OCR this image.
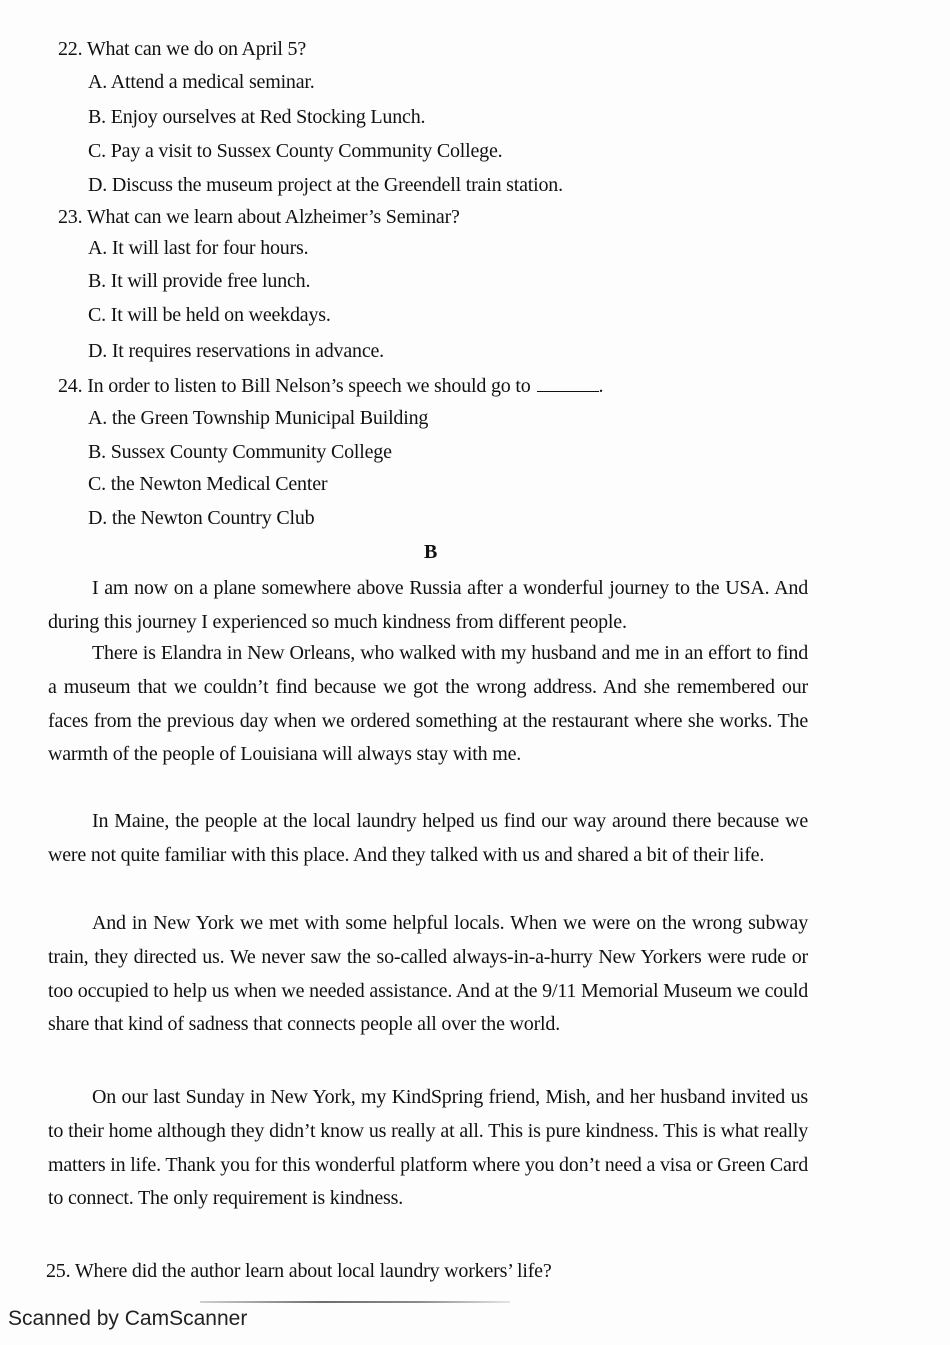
22. What can we do on April 5?
A. Attend a medical seminar.
B. Enjoy ourselves at Red Stocking Lunch.
C. Pay a visit to Sussex County Community College.
D. Discuss the museum project at the Greendell train station.
23. What can we learn about Alzheimer’s Seminar?
A. It will last for four hours.
B. It will provide free lunch.
C. It will be held on weekdays.
D. It requires reservations in advance.
24. In order to listen to Bill Nelson’s speech we should go to	.
A. the Green Township Municipal Building
B. Sussex County Community College
C. the Newton Medical Center
D. the Newton Country Club
B
I am now on a plane somewhere above Russia after a wonderful journey to the USA. And during this journey I experienced so much kindness from different people.
There is Elandra in New Orleans, who walked with my husband and me in an effort to find a museum that we couldn’t find because we got the wrong address. And she remembered our faces from the previous day when we ordered something at the restaurant where she works. The warmth of the people of Louisiana will always stay with me.
In Maine, the people at the local laundry helped us find our way around there because we were not quite familiar with this place. And they talked with us and shared a bit of their life.
And in New York we met with some helpful locals. When we were on the wrong subway train, they directed us. We never saw the so-called always-in-a-hurry New Yorkers were rude or too occupied to help us when we needed assistance. And at the 9/11 Memorial Museum we could share that kind of sadness that connects people all over the world.
On our last Sunday in New York, my KindSpring friend, Mish, and her husband invited us to their home although they didn’t know us really at all. This is pure kindness. This is what really matters in life. Thank you for this wonderful platform where you don’t need a visa or Green Card to connect. The only requirement is kindness.
25. Where did the author learn about local laundry workers’ life?
Scanned by CamScanner
